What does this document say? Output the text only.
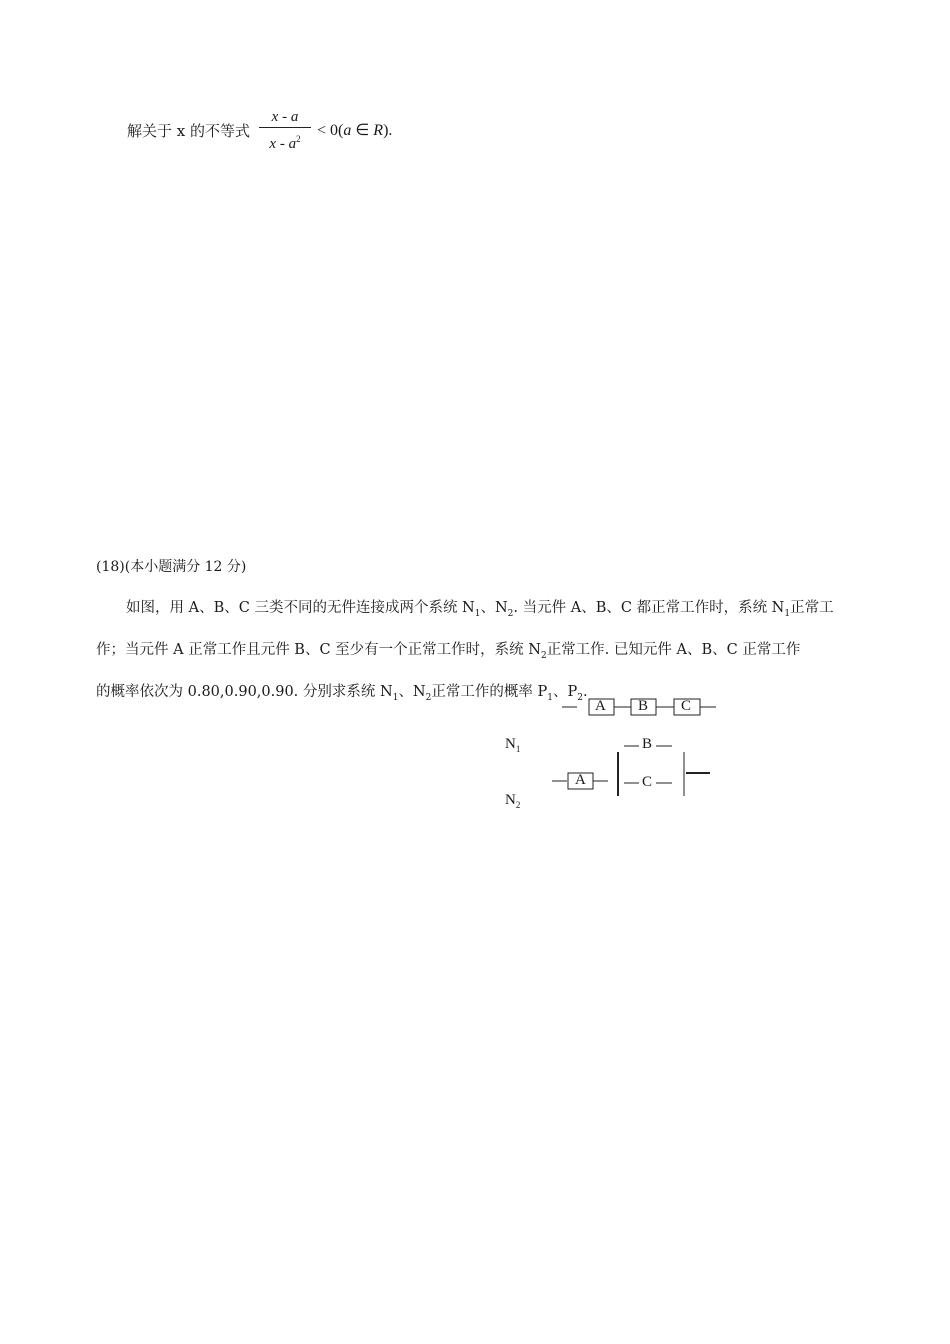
解关于 x 的不等式
x - a
x - $a^2$	< 0(a ∈ R).
(18)(本小题满分 12 分)

如图，用 A、B、C 三类不同的无件连接成两个系统 $N_1$、$N_2$. 当元件 A、B、C 都正常工作时，系统 $N_1$正常工

作；当元件 A 正常工作且元件 B、C 至少有一个正常工作时，系统 $N_2$正常工作. 已知元件 A、B、C 正常工作

的概率依次为 0.80,0.90,0.90. 分别求系统 $N_1$、$N_2$正常工作的概率 $P_1$、$P_2$.

A B C
$N_1$
$N_2$
A
B
C
